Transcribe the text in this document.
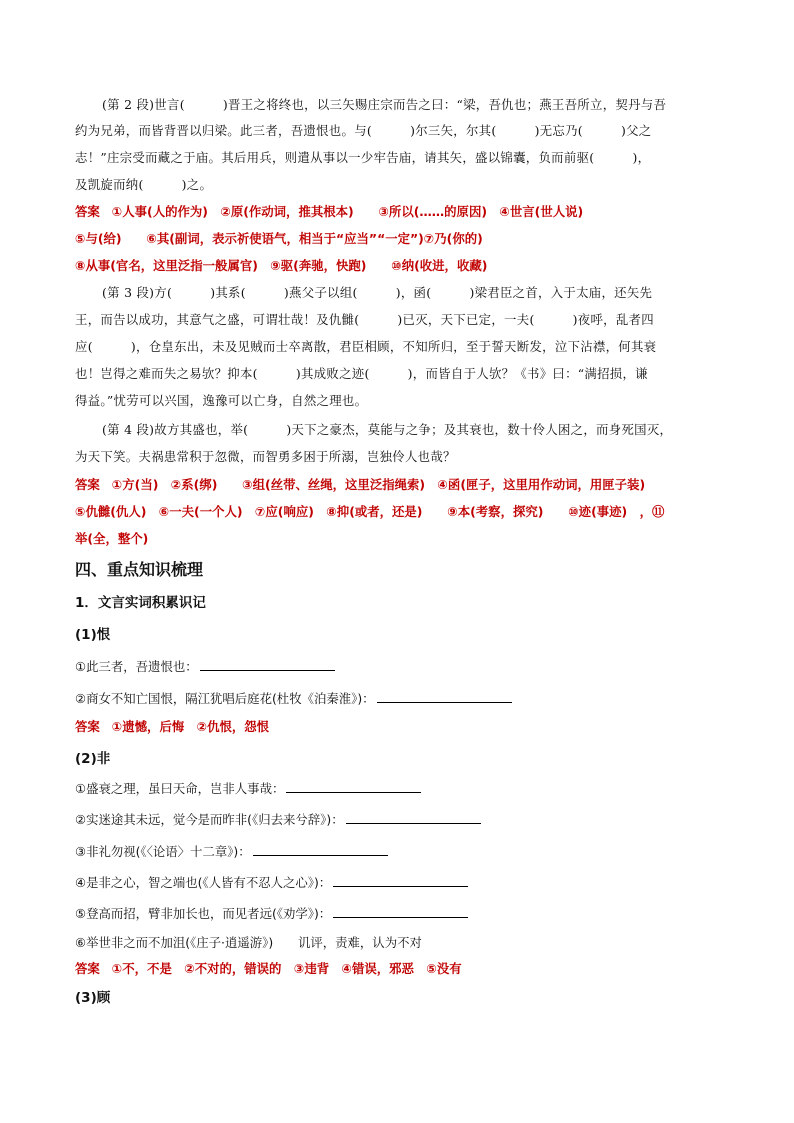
(第 2 段)世言(　　　)晋王之将终也，以三矢赐庄宗而告之曰：“梁，吾仇也；燕王吾所立，契丹与吾
约为兄弟，而皆背晋以归梁。此三者，吾遗恨也。与(　　　)尔三矢，尔其(　　　)无忘乃(　　　)父之
志！”庄宗受而藏之于庙。其后用兵，则遣从事以一少牢告庙，请其矢，盛以锦囊，负而前驱(　　　)，
及凯旋而纳(　　　)之。
答案 ①人事(人的作为)　②原(作动词，推其根本)　　③所以(……的原因)　④世言(世人说)
⑤与(给)　　⑥其(副词，表示祈使语气，相当于“应当”“一定”)⑦乃(你的)
⑧从事(官名，这里泛指一般属官)　⑨驱(奔驰，快跑)　　⑩纳(收进，收藏)
(第 3 段)方(　　　)其系(　　　)燕父子以组(　　　)，函(　　　)梁君臣之首，入于太庙，还矢先
王，而告以成功，其意气之盛，可谓壮哉！及仇雠(　　　)已灭，天下已定，一夫(　　　)夜呼，乱者四
应(　　　)，仓皇东出，未及见贼而士卒离散，君臣相顾，不知所归，至于誓天断发，泣下沾襟，何其衰
也！岂得之难而失之易欤？抑本(　　　)其成败之迹(　　　)，而皆自于人欤？《书》曰：“满招损，谦
得益。”忧劳可以兴国，逸豫可以亡身，自然之理也。
(第 4 段)故方其盛也，举(　　　)天下之豪杰，莫能与之争；及其衰也，数十伶人困之，而身死国灭，
为天下笑。夫祸患常积于忽微，而智勇多困于所溺，岂独伶人也哉？
答案 ①方(当)　②系(绑)　　③组(丝带、丝绳，这里泛指绳索)　④函(匣子，这里用作动词，用匣子装)
⑤仇雠(仇人)　⑥一夫(一个人)　⑦应(响应)　⑧抑(或者，还是)　　⑨本(考察，探究)　　⑩迹(事迹)　，⑪
举(全，整个)
四、重点知识梳理
1．文言实词积累识记
(1)恨
①此三者，吾遗恨也：
②商女不知亡国恨，隔江犹唱后庭花(杜牧《泊秦淮》)：
答案 ①遗憾，后悔　②仇恨，怨恨
(2)非
①盛衰之理，虽曰天命，岂非人事哉：
②实迷途其未远，觉今是而昨非(《归去来兮辞》)：
③非礼勿视(《〈论语〉十二章》)：
④是非之心，智之端也(《人皆有不忍人之心》)：
⑤登高而招，臂非加长也，而见者远(《劝学》)：
⑥举世非之而不加沮(《庄子·逍遥游》)　　讥评，责难，认为不对
答案 ①不，不是　②不对的，错误的　③违背　④错误，邪恶　⑤没有
(3)顾
